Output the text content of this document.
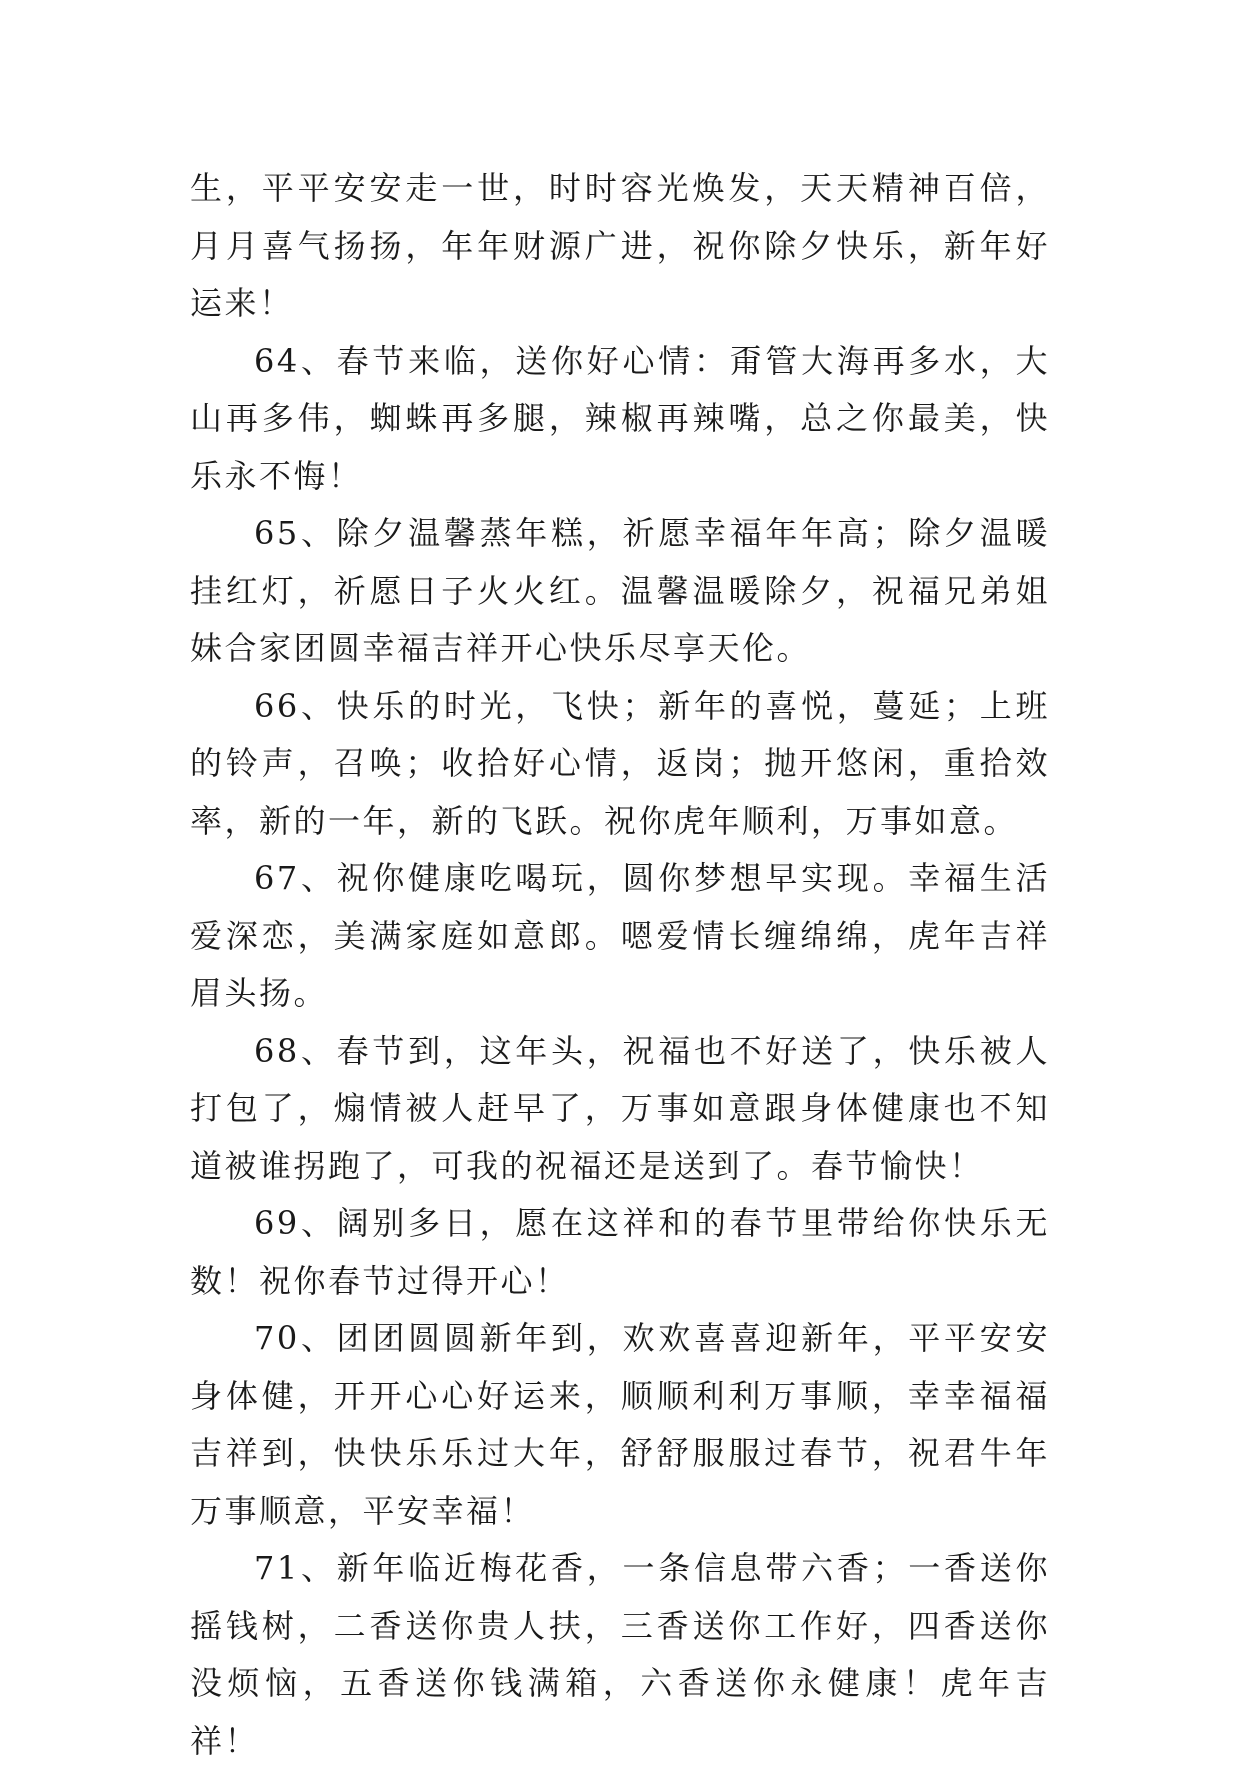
生，平平安安走一世，时时容光焕发，天天精神百倍，月月喜气扬扬，年年财源广进，祝你除夕快乐，新年好运来！

64、春节来临，送你好心情：甭管大海再多水，大山再多伟，蜘蛛再多腿，辣椒再辣嘴，总之你最美，快乐永不悔！

65、除夕温馨蒸年糕，祈愿幸福年年高；除夕温暖挂红灯，祈愿日子火火红。温馨温暖除夕，祝福兄弟姐妹合家团圆幸福吉祥开心快乐尽享天伦。

66、快乐的时光，飞快；新年的喜悦，蔓延；上班的铃声，召唤；收拾好心情，返岗；抛开悠闲，重拾效率，新的一年，新的飞跃。祝你虎年顺利，万事如意。

67、祝你健康吃喝玩，圆你梦想早实现。幸福生活爱深恋，美满家庭如意郎。嗯爱情长缠绵绵，虎年吉祥眉头扬。

68、春节到，这年头，祝福也不好送了，快乐被人打包了，煽情被人赶早了，万事如意跟身体健康也不知道被谁拐跑了，可我的祝福还是送到了。春节愉快！

69、阔别多日，愿在这祥和的春节里带给你快乐无数！祝你春节过得开心！

70、团团圆圆新年到，欢欢喜喜迎新年，平平安安身体健，开开心心好运来，顺顺利利万事顺，幸幸福福吉祥到，快快乐乐过大年，舒舒服服过春节，祝君牛年万事顺意，平安幸福！

71、新年临近梅花香，一条信息带六香；一香送你摇钱树，二香送你贵人扶，三香送你工作好，四香送你没烦恼，五香送你钱满箱，六香送你永健康！虎年吉祥！
